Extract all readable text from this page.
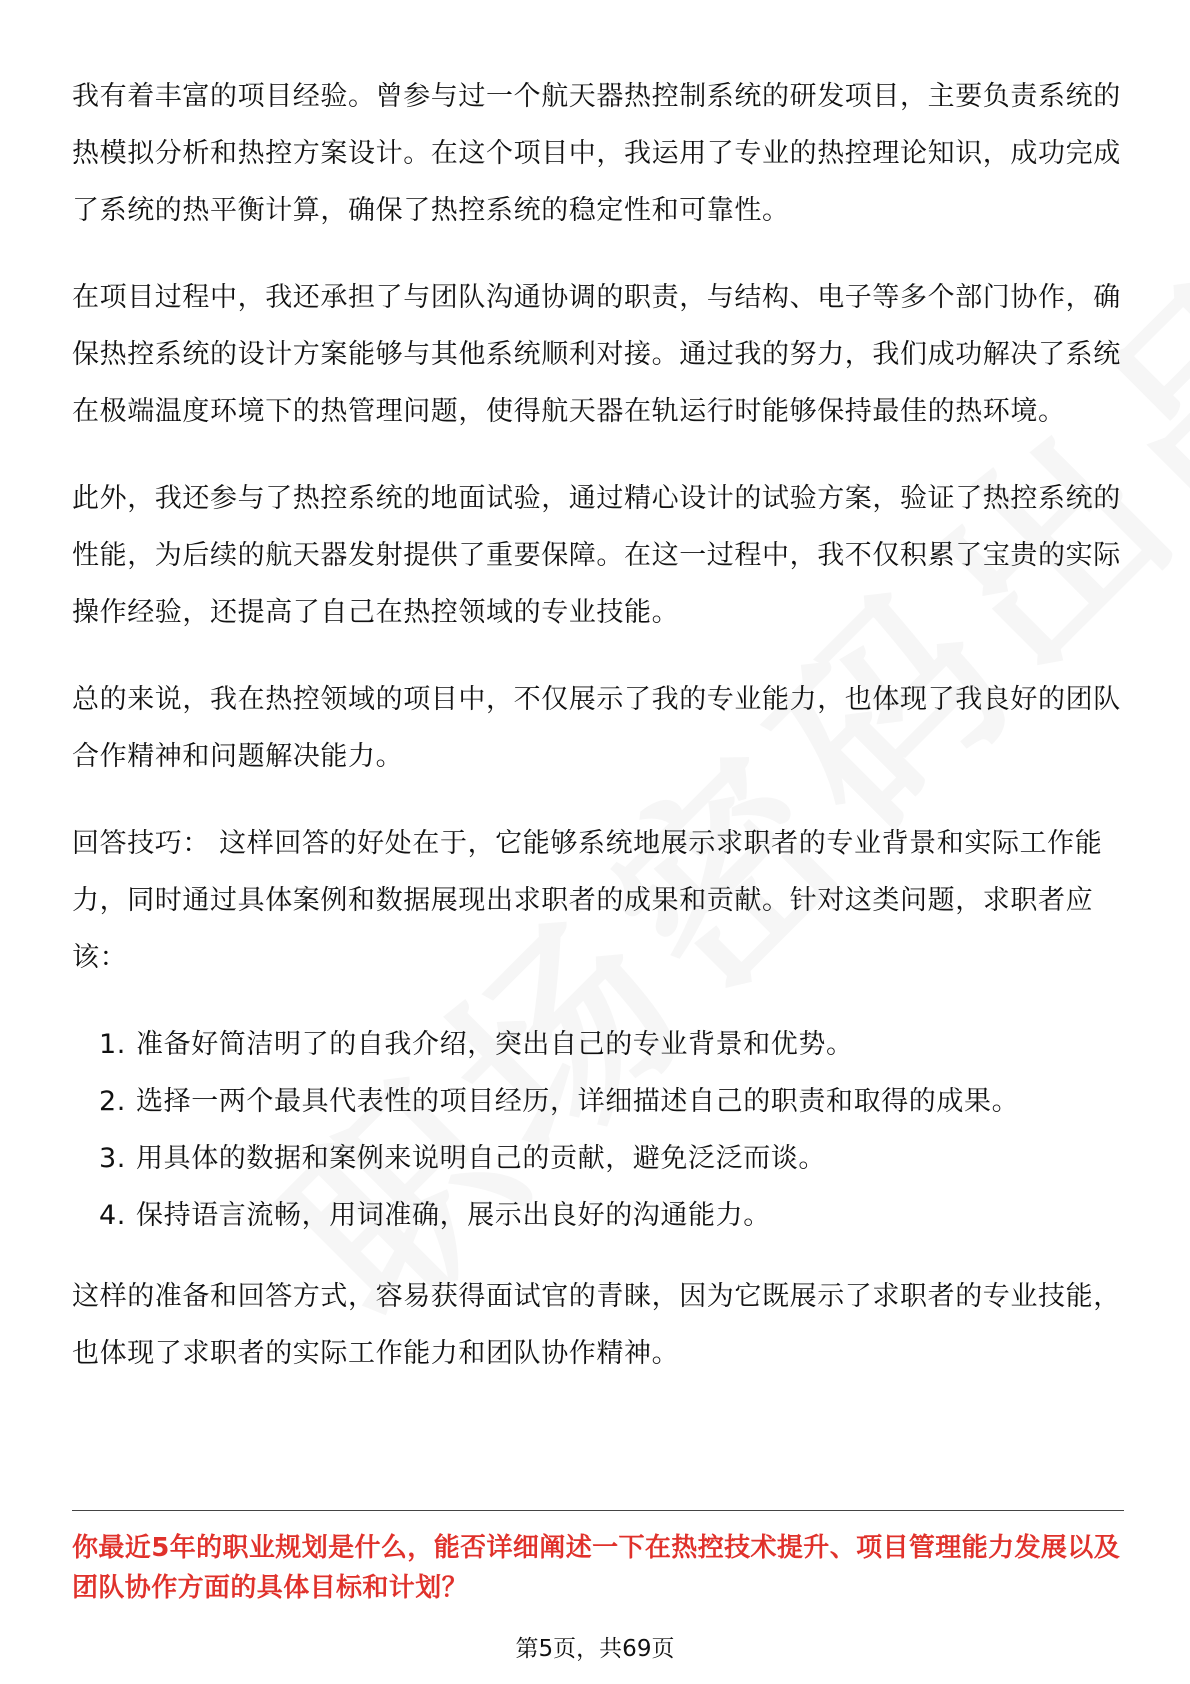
我有着丰富的项目经验。曾参与过一个航天器热控制系统的研发项目，主要负责系统的热模拟分析和热控方案设计。在这个项目中，我运用了专业的热控理论知识，成功完成了系统的热平衡计算，确保了热控系统的稳定性和可靠性。

在项目过程中，我还承担了与团队沟通协调的职责，与结构、电子等多个部门协作，确保热控系统的设计方案能够与其他系统顺利对接。通过我的努力，我们成功解决了系统在极端温度环境下的热管理问题，使得航天器在轨运行时能够保持最佳的热环境。

此外，我还参与了热控系统的地面试验，通过精心设计的试验方案，验证了热控系统的性能，为后续的航天器发射提供了重要保障。在这一过程中，我不仅积累了宝贵的实际操作经验，还提高了自己在热控领域的专业技能。

总的来说，我在热控领域的项目中，不仅展示了我的专业能力，也体现了我良好的团队合作精神和问题解决能力。

回答技巧： 这样回答的好处在于，它能够系统地展示求职者的专业背景和实际工作能力，同时通过具体案例和数据展现出求职者的成果和贡献。针对这类问题，求职者应该：

1. 准备好简洁明了的自我介绍，突出自己的专业背景和优势。
2. 选择一两个最具代表性的项目经历，详细描述自己的职责和取得的成果。
3. 用具体的数据和案例来说明自己的贡献，避免泛泛而谈。
4. 保持语言流畅，用词准确，展示出良好的沟通能力。

这样的准备和回答方式，容易获得面试官的青睐，因为它既展示了求职者的专业技能，也体现了求职者的实际工作能力和团队协作精神。

你最近5年的职业规划是什么，能否详细阐述一下在热控技术提升、项目管理能力发展以及团队协作方面的具体目标和计划？
第5页，共69页
